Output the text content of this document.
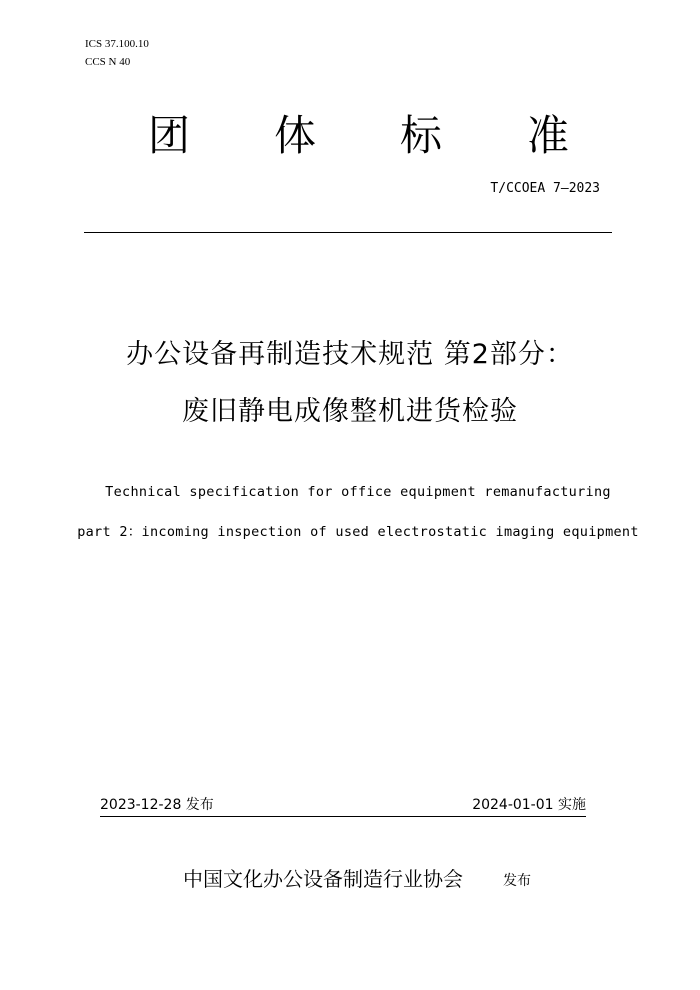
ICS 37.100.10
CCS N 40
团 体 标 准
T/CCOEA 7—2023
办公设备再制造技术规范 第2部分：
废旧静电成像整机进货检验
Technical specification for office equipment remanufacturing
part 2：incoming inspection of used electrostatic imaging equipment
2023-12-28 发布	2024-01-01 实施
中国文化办公设备制造行业协会	发布
